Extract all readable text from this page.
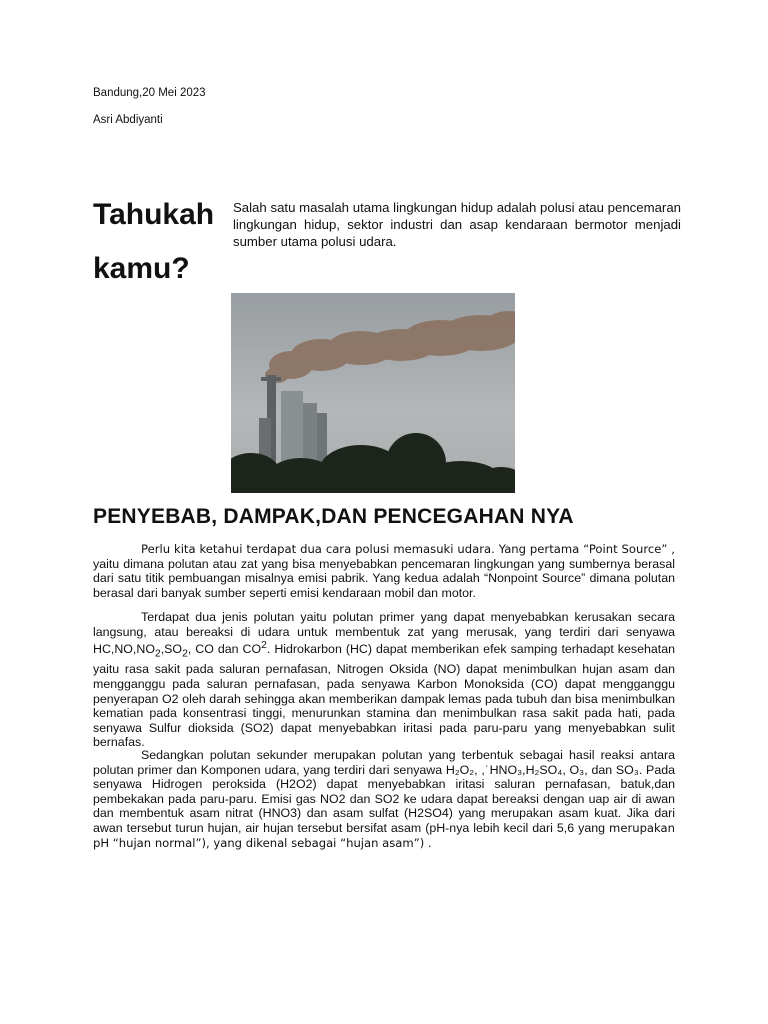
Bandung,20 Mei 2023
Asri Abdiyanti
Tahukah kamu?
Salah satu masalah utama lingkungan hidup adalah polusi atau pencemaran lingkungan hidup, sektor industri dan asap kendaraan bermotor menjadi sumber utama polusi udara.
PENYEBAB, DAMPAK,DAN PENCEGAHAN NYA
Perlu kita ketahui terdapat dua cara polusi memasuki udara. Yang pertama “Point Source” , yaitu dimana polutan atau zat yang bisa menyebabkan pencemaran lingkungan yang sumbernya berasal dari satu titik pembuangan misalnya emisi pabrik. Yang kedua adalah “Nonpoint Source” dimana polutan berasal dari banyak sumber seperti emisi kendaraan mobil dan motor.
Terdapat dua jenis polutan yaitu polutan primer yang dapat menyebabkan kerusakan secara langsung, atau bereaksi di udara untuk membentuk zat yang merusak, yang terdiri dari senyawa $HC,NO,NO_2,SO_2$, CO dan $CO^2$. Hidrokarbon (HC) dapat memberikan efek samping terhadapt kesehatan yaitu rasa sakit pada saluran pernafasan, Nitrogen Oksida (NO) dapat menimbulkan hujan asam dan mengganggu pada saluran pernafasan, pada senyawa Karbon Monoksida (CO) dapat mengganggu penyerapan O2 oleh darah sehingga akan memberikan dampak lemas pada tubuh dan bisa menimbulkan kematian pada konsentrasi tinggi, menurunkan stamina dan menimbulkan rasa sakit pada hati, pada senyawa Sulfur dioksida (SO2) dapat menyebabkan iritasi pada paru-paru yang menyebabkan sulit bernafas.
Sedangkan polutan sekunder merupakan polutan yang terbentuk sebagai hasil reaksi antara polutan primer dan Komponen udara, yang terdiri dari senyawa H₂O₂, ,˙HNO₃,H₂SO₄, O₃, dan SO₃. Pada senyawa Hidrogen peroksida (H2O2) dapat menyebabkan iritasi saluran pernafasan, batuk,dan pembekakan pada paru-paru. Emisi gas NO2 dan SO2 ke udara dapat bereaksi dengan uap air di awan dan membentuk asam nitrat (HNO3) dan asam sulfat (H2SO4) yang merupakan asam kuat. Jika dari awan tersebut turun hujan, air hujan tersebut bersifat asam (pH-nya lebih kecil dari 5,6 yang merupakan pH “hujan normal”), yang dikenal sebagai “hujan asam”) .
